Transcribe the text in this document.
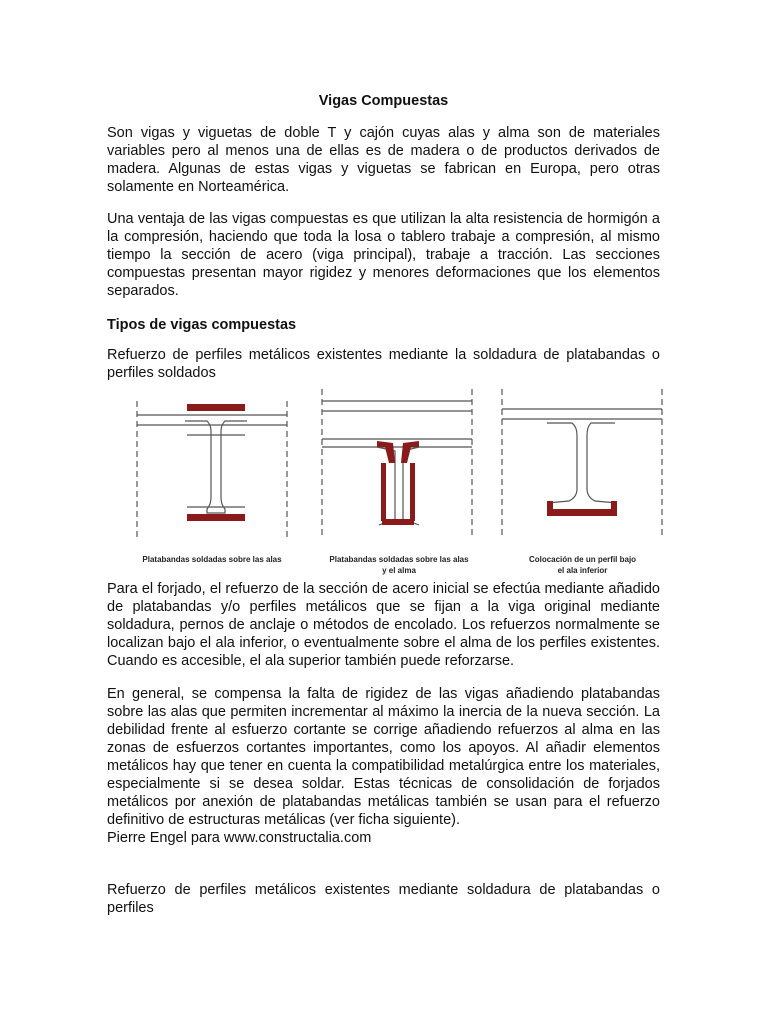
Vigas Compuestas

Son vigas y viguetas de doble T y cajón cuyas alas y alma son de materiales variables pero al menos una de ellas es de madera o de productos derivados de madera. Algunas de estas vigas y viguetas se fabrican en Europa, pero otras solamente en Norteamérica.

Una ventaja de las vigas compuestas es que utilizan la alta resistencia de hormigón a la compresión, haciendo que toda la losa o tablero trabaje a compresión, al mismo tiempo la sección de acero (viga principal), trabaje a tracción. Las secciones compuestas presentan mayor rigidez y menores deformaciones que los elementos separados.

Tipos de vigas compuestas

Refuerzo de perfiles metálicos existentes mediante la soldadura de platabandas o perfiles soldados

Para el forjado, el refuerzo de la sección de acero inicial se efectúa mediante añadido de platabandas y/o perfiles metálicos que se fijan a la viga original mediante soldadura, pernos de anclaje o métodos de encolado. Los refuerzos normalmente se localizan bajo el ala inferior, o eventualmente sobre el alma de los perfiles existentes. Cuando es accesible, el ala superior también puede reforzarse.

En general, se compensa la falta de rigidez de las vigas añadiendo platabandas sobre las alas que permiten incrementar al máximo la inercia de la nueva sección. La debilidad frente al esfuerzo cortante se corrige añadiendo refuerzos al alma en las zonas de esfuerzos cortantes importantes, como los apoyos. Al añadir elementos metálicos hay que tener en cuenta la compatibilidad metalúrgica entre los materiales, especialmente si se desea soldar. Estas técnicas de consolidación de forjados metálicos por anexión de platabandas metálicas también se usan para el refuerzo definitivo de estructuras metálicas (ver ficha siguiente).

Pierre Engel para www.constructalia.com

Refuerzo de perfiles metálicos existentes mediante soldadura de platabandas o perfiles

Platabandas soldadas sobre las alas	Platabandas soldadas sobre las alas
y el alma
Colocación de un perfil bajo
el ala inferior
